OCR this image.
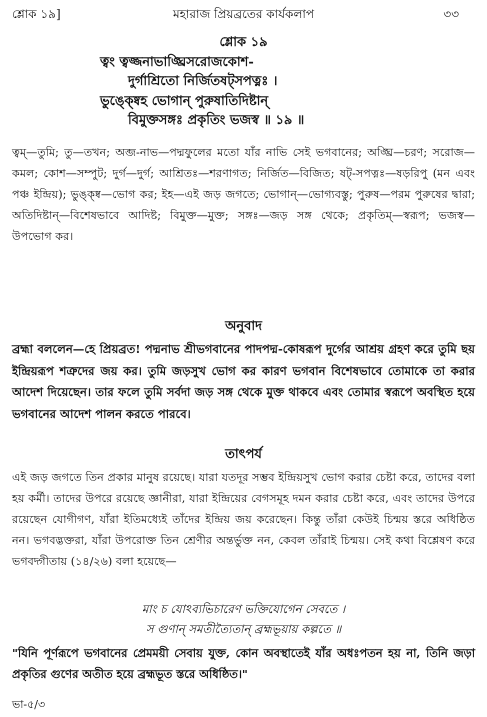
শ্লোক ১৯]	মহারাজ প্রিয়ব্রতের কার্যকলাপ	৩৩
শ্লোক ১৯
ত্বং ত্বজ্জনাভাঙ্ঘ্রিসরোজকোশ-
দুর্গাশ্রিতো নির্জিতষট্‌সপত্নঃ ।
ভুঙ্ক্ষ্বেহ ভোগান্‌ পুরুষাতিদিষ্টান্‌
বিমুক্তসঙ্গঃ প্রকৃতিং ভজস্ব ॥ ১৯ ॥
ত্বম্—তুমি; তু—তখন; অব্জ-নাভ—পদ্মফুলের মতো যাঁর নাভি সেই ভগবানের; অঙ্ঘ্রি—চরণ; সরোজ—কমল; কোশ—সম্পুট; দুর্গ—দুর্গ; আশ্রিতঃ—শরণাগত; নির্জিত—বিজিত; ষট্‌-সপত্নঃ—ষড়রিপু (মন এবং পঞ্চ ইন্দ্রিয়); ভুঙ্ক্ষ্ব—ভোগ কর; ইহ—এই জড় জগতে; ভোগান্‌—ভোগ্যবস্তু; পুরুষ—পরম পুরুষের দ্বারা; অতিদিষ্টান্‌—বিশেষভাবে আদিষ্ট; বিমুক্ত—মুক্ত; সঙ্গঃ—জড় সঙ্গ থেকে; প্রকৃতিম্—স্বরূপ; ভজস্ব—উপভোগ কর।
অনুবাদ
ব্রহ্মা বললেন—হে প্রিয়ব্রত! পদ্মনাভ শ্রীভগবানের পাদপদ্ম-কোষরূপ দুর্গের আশ্রয় গ্রহণ করে তুমি ছয় ইন্দ্রিয়রূপ শত্রুদের জয় কর। তুমি জড়সুখ ভোগ কর কারণ ভগবান বিশেষভাবে তোমাকে তা করার আদেশ দিয়েছেন। তার ফলে তুমি সর্বদা জড় সঙ্গ থেকে মুক্ত থাকবে এবং তোমার স্বরূপে অবস্থিত হয়ে ভগবানের আদেশ পালন করতে পারবে।
তাৎপর্য
এই জড় জগতে তিন প্রকার মানুষ রয়েছে। যারা যতদূর সম্ভব ইন্দ্রিয়সুখ ভোগ করার চেষ্টা করে, তাদের বলা হয় কর্মী। তাদের উপরে রয়েছে জ্ঞানীরা, যারা ইন্দ্রিয়ের বেগসমূহ দমন করার চেষ্টা করে, এবং তাদের উপরে রয়েছেন যোগীগণ, যাঁরা ইতিমধ্যেই তাঁদের ইন্দ্রিয় জয় করেছেন। কিন্তু তাঁরা কেউই চিন্ময় স্তরে অধিষ্ঠিত নন। ভগবদ্ভক্তরা, যাঁরা উপরোক্ত তিন শ্রেণীর অন্তর্ভুক্ত নন, কেবল তাঁরাই চিন্ময়। সেই কথা বিশ্লেষণ করে ভগবদ্গীতায় (১৪/২৬) বলা হয়েছে—
মাং চ যোঽব্যভিচারেণ ভক্তিযোগেন সেবতে ।
স গুণান্‌ সমতীত্যৈতান্‌ ব্রহ্মভূয়ায় কল্পতে ॥
"যিনি পূর্ণরূপে ভগবানের প্রেমময়ী সেবায় যুক্ত, কোন অবস্থাতেই যাঁর অধঃপতন হয় না, তিনি জড়া প্রকৃতির গুণের অতীত হয়ে ব্রহ্মভূত স্তরে অধিষ্ঠিত।"
ভা-৫/৩
